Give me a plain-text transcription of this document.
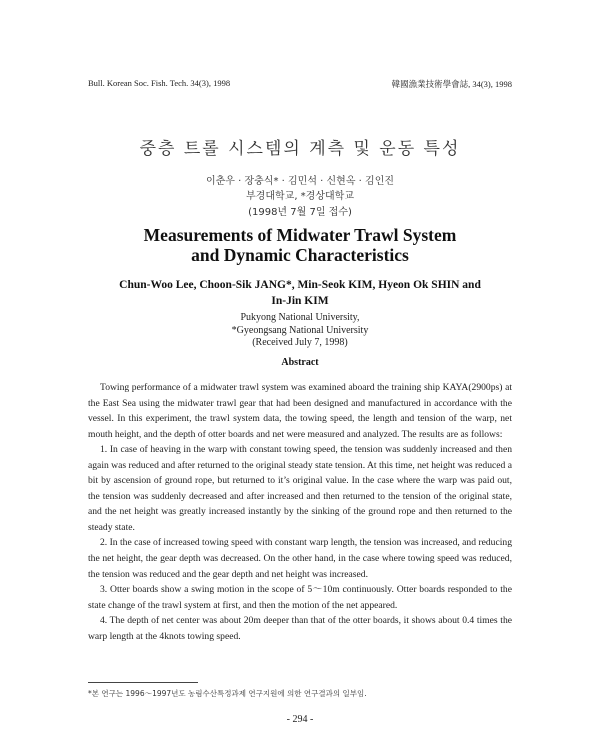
Bull. Korean Soc. Fish. Tech. 34(3), 1998	韓國漁業技術學會誌, 34(3), 1998
중층 트롤 시스템의 계측 및 운동 특성
이춘우 · 장충식* · 김민석 · 신현옥 · 김인진
부경대학교, *경상대학교
(1998년 7월 7일 접수)
Measurements of Midwater Trawl System
and Dynamic Characteristics
Chun-Woo Lee, Choon-Sik JANG*, Min-Seok KIM, Hyeon Ok SHIN and
In-Jin KIM
Pukyong National University,
*Gyeongsang National University
(Received July 7, 1998)
Abstract

Towing performance of a midwater trawl system was examined aboard the training ship KAYA(2900ps) at the East Sea using the midwater trawl gear that had been designed and manufactured in accordance with the vessel. In this experiment, the trawl system data, the towing speed, the length and tension of the warp, net mouth height, and the depth of otter boards and net were measured and analyzed. The results are as follows:

1. In case of heaving in the warp with constant towing speed, the tension was suddenly increased and then again was reduced and after returned to the original steady state tension. At this time, net height was reduced a bit by ascension of ground rope, but returned to it’s original value. In the case where the warp was paid out, the tension was suddenly decreased and after increased and then returned to the tension of the original state, and the net height was greatly increased instantly by the sinking of the ground rope and then returned to the steady state.

2. In the case of increased towing speed with constant warp length, the tension was increased, and reducing the net height, the gear depth was decreased. On the other hand, in the case where towing speed was reduced, the tension was reduced and the gear depth and net height was increased.

3. Otter boards show a swing motion in the scope of 5～10m continuously. Otter boards responded to the state change of the trawl system at first, and then the motion of the net appeared.

4. The depth of net center was about 20m deeper than that of the otter boards, it shows about 0.4 times the warp length at the 4knots towing speed.

*본 연구는 1996～1997년도 농림수산특정과제 연구지원에 의한 연구결과의 일부임.
- 294 -
